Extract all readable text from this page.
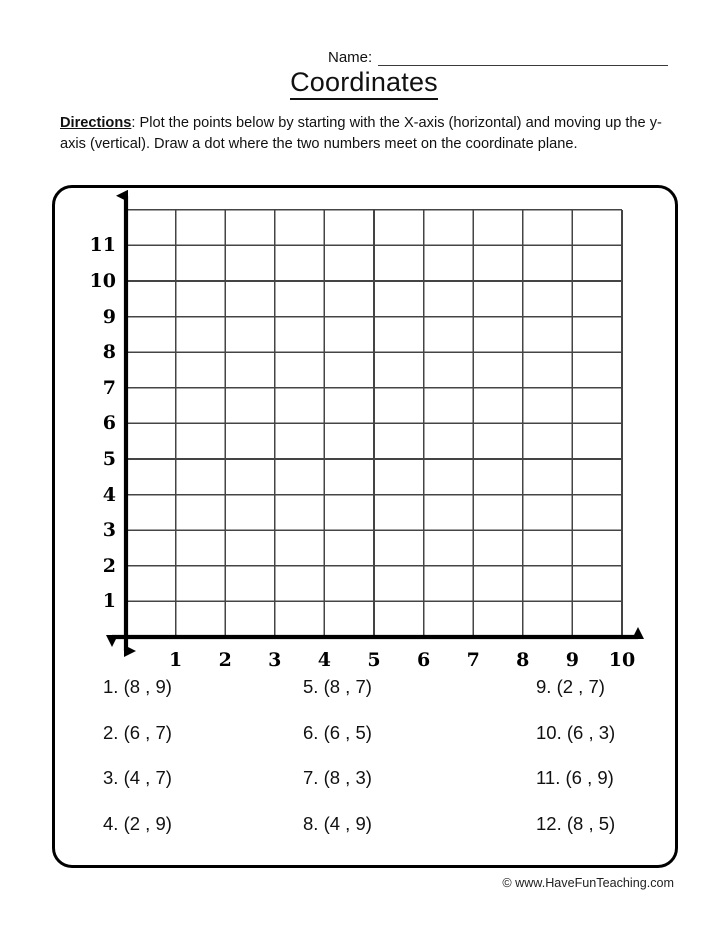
Name:
Coordinates
Directions: Plot the points below by starting with the X-axis (horizontal) and moving up the y-axis (vertical). Draw a dot where the two numbers meet on the coordinate plane.
1
2
3
4
5
6
7
8
9
10
11
1 2 3 4 5 6 7 8 9 10
1. (8 , 9)
2. (6 , 7)
3. (4 , 7)
4. (2 , 9)
5. (8 , 7)
6. (6 , 5)
7. (8 , 3)
8. (4 , 9)
9. (2 , 7)
10. (6 , 3)
11. (6 , 9)
12. (8 , 5)
© www.HaveFunTeaching.com
